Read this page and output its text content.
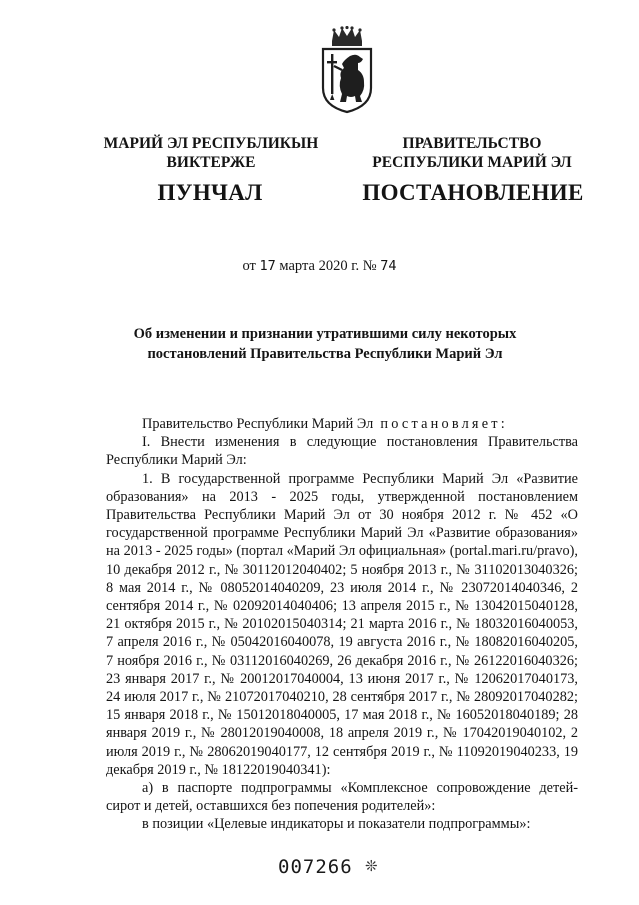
МАРИЙ ЭЛ РЕСПУБЛИКЫН
ВИКТЕРЖЕ
ПРАВИТЕЛЬСТВО
РЕСПУБЛИКИ МАРИЙ ЭЛ
ПУНЧАЛ	ПОСТАНОВЛЕНИЕ
от 17 марта 2020 г. № 74
Об изменении и признании утратившими силу некоторых
постановлений Правительства Республики Марий Эл

Правительство Республики Марий Эл постановляет:

I. Внести изменения в следующие постановления Правительства Республики Марий Эл:

1. В государственной программе Республики Марий Эл «Развитие образования» на 2013 - 2025 годы, утвержденной постановлением Правительства Республики Марий Эл от 30 ноября 2012 г. № 452 «О государственной программе Республики Марий Эл «Развитие образования» на 2013 - 2025 годы» (портал «Марий Эл официальная» (portal.mari.ru/pravo), 10 декабря 2012 г., № 30112012040402; 5 ноября 2013 г., № 31102013040326; 8 мая 2014 г., № 08052014040209, 23 июля 2014 г., № 23072014040346, 2 сентября 2014 г., № 02092014040406; 13 апреля 2015 г., № 13042015040128, 21 октября 2015 г., № 20102015040314; 21 марта 2016 г., № 18032016040053, 7 апреля 2016 г., № 05042016040078, 19 августа 2016 г., № 18082016040205, 7 ноября 2016 г., № 03112016040269, 26 декабря 2016 г., № 26122016040326; 23 января 2017 г., № 20012017040004, 13 июня 2017 г., № 12062017040173, 24 июля 2017 г., № 21072017040210, 28 сентября 2017 г., № 28092017040282; 15 января 2018 г., № 15012018040005, 17 мая 2018 г., № 16052018040189; 28 января 2019 г., № 28012019040008, 18 апреля 2019 г., № 17042019040102, 2 июля 2019 г., № 28062019040177, 12 сентября 2019 г., № 11092019040233, 19 декабря 2019 г., № 18122019040341):

а) в паспорте подпрограммы «Комплексное сопровождение детей-сирот и детей, оставшихся без попечения родителей»:

в позиции «Целевые индикаторы и показатели подпрограммы»:

007266 ❊
